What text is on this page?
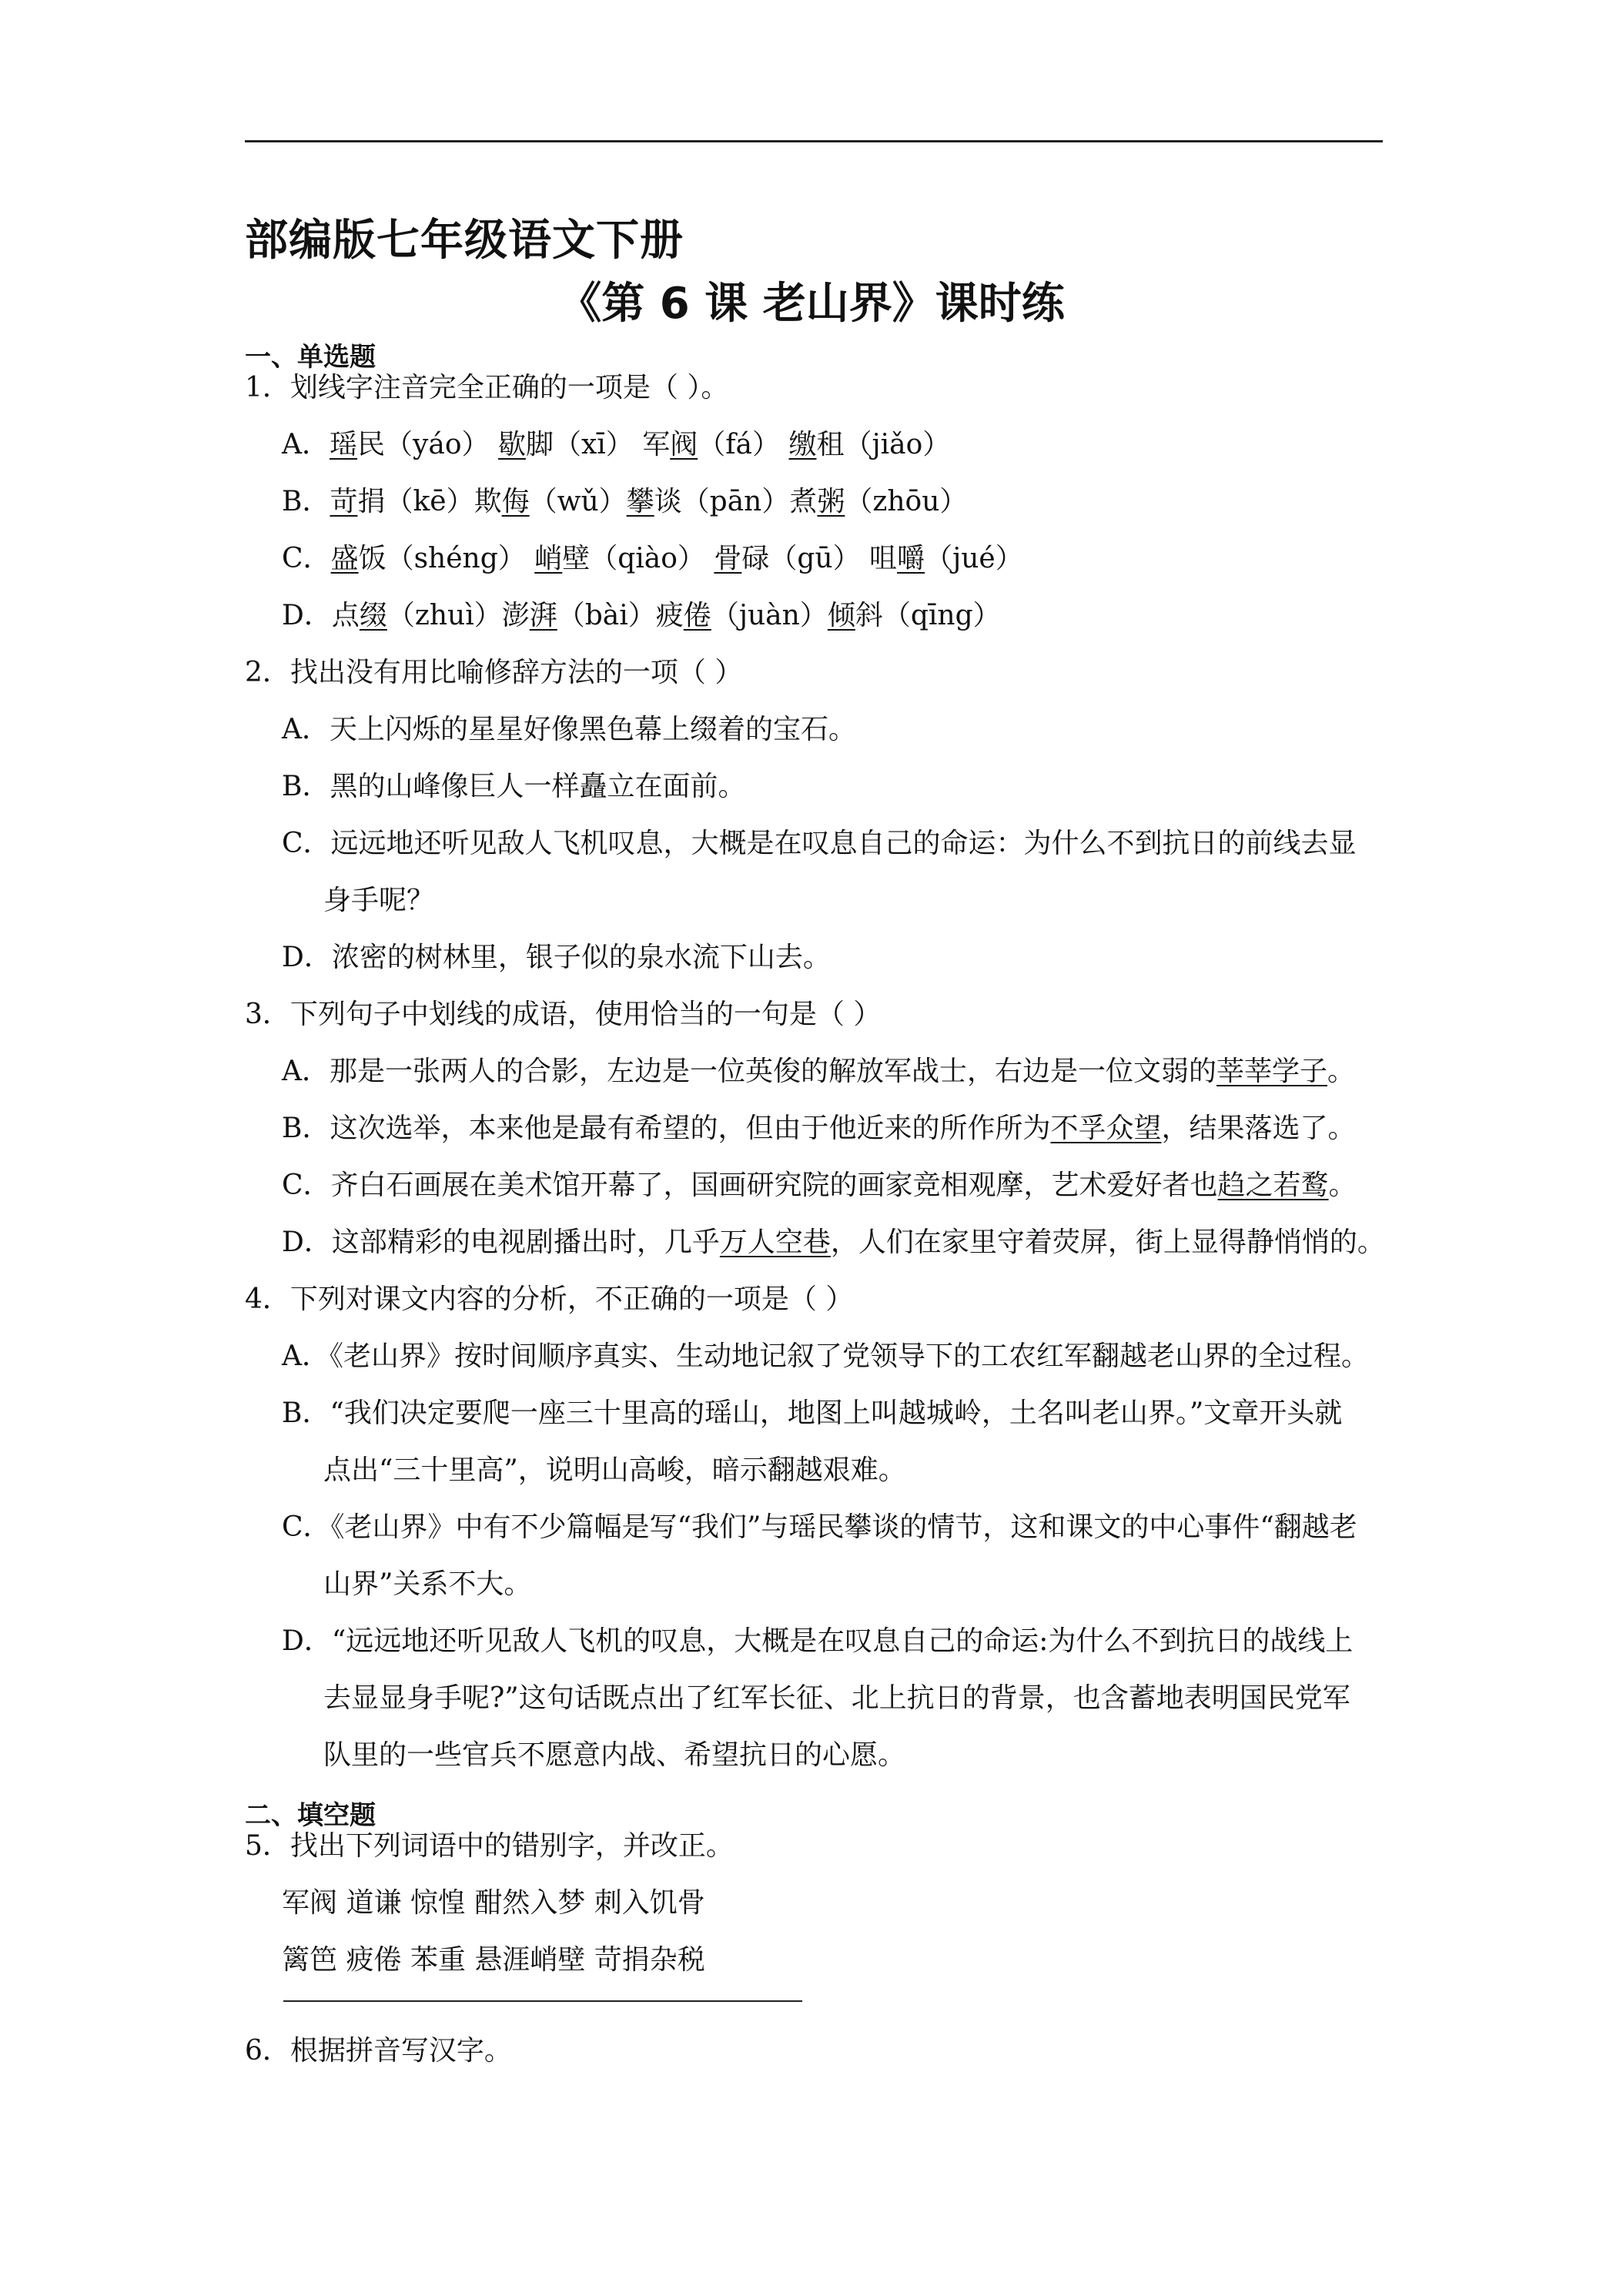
部编版七年级语文下册
《第 6 课 老山界》课时练
一、单选题
1．划线字注音完全正确的一项是（ ）。
A．瑶民（yáo） 歇脚（xī） 军阀（fá） 缴租（jiǎo）
B．苛捐（kē）欺侮（wǔ）攀谈（pān）煮粥（zhōu）
C．盛饭（shéng） 峭壁（qiào） 骨碌（gū） 咀嚼（jué）
D．点缀（zhuì）澎湃（bài）疲倦（juàn）倾斜（qīng）
2．找出没有用比喻修辞方法的一项（ ）
A．天上闪烁的星星好像黑色幕上缀着的宝石。
B．黑的山峰像巨人一样矗立在面前。
C．远远地还听见敌人飞机叹息，大概是在叹息自己的命运：为什么不到抗日的前线去显
身手呢？
D．浓密的树林里，银子似的泉水流下山去。
3．下列句子中划线的成语，使用恰当的一句是（ ）
A．那是一张两人的合影，左边是一位英俊的解放军战士，右边是一位文弱的莘莘学子。
B．这次选举，本来他是最有希望的，但由于他近来的所作所为不孚众望，结果落选了。
C．齐白石画展在美术馆开幕了，国画研究院的画家竞相观摩，艺术爱好者也趋之若鹜。
D．这部精彩的电视剧播出时，几乎万人空巷，人们在家里守着荧屏，街上显得静悄悄的。
4．下列对课文内容的分析，不正确的一项是（ ）
A．《老山界》按时间顺序真实、生动地记叙了党领导下的工农红军翻越老山界的全过程。
B．“我们决定要爬一座三十里高的瑶山，地图上叫越城岭，土名叫老山界。”文章开头就
点出“三十里高”，说明山高峻，暗示翻越艰难。
C．《老山界》中有不少篇幅是写“我们”与瑶民攀谈的情节，这和课文的中心事件“翻越老
山界”关系不大。
D．“远远地还听见敌人飞机的叹息，大概是在叹息自己的命运:为什么不到抗日的战线上
去显显身手呢?”这句话既点出了红军长征、北上抗日的背景，也含蓄地表明国民党军
队里的一些官兵不愿意内战、希望抗日的心愿。
二、填空题
5．找出下列词语中的错别字，并改正。
军阀 道谦 惊惶 酣然入梦 刺入饥骨
篱笆 疲倦 苯重 悬涯峭壁 苛捐杂税
6．根据拼音写汉字。
